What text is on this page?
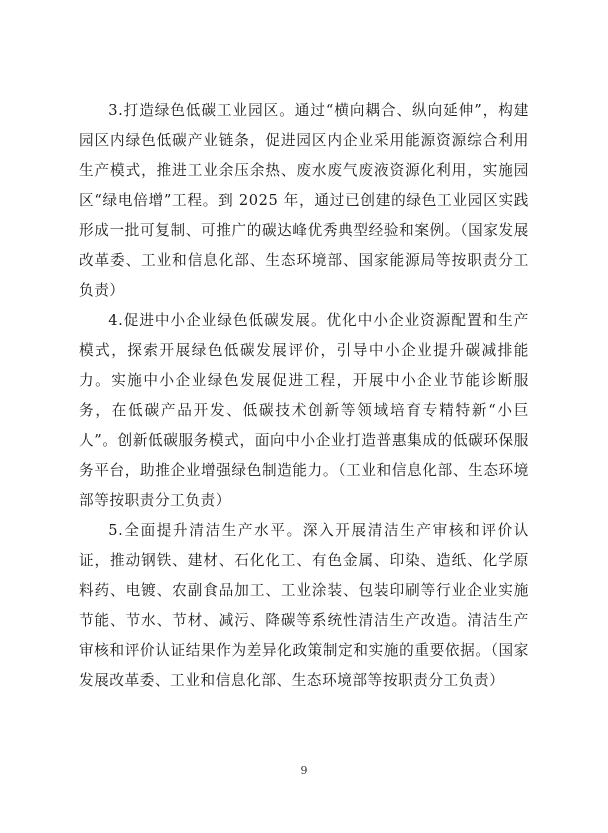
3.打造绿色低碳工业园区。通过“横向耦合、纵向延伸”，构建园区内绿色低碳产业链条，促进园区内企业采用能源资源综合利用生产模式，推进工业余压余热、废水废气废液资源化利用，实施园区“绿电倍增”工程。到 2025 年，通过已创建的绿色工业园区实践形成一批可复制、可推广的碳达峰优秀典型经验和案例。（国家发展改革委、工业和信息化部、生态环境部、国家能源局等按职责分工负责）

4.促进中小企业绿色低碳发展。优化中小企业资源配置和生产模式，探索开展绿色低碳发展评价，引导中小企业提升碳减排能力。实施中小企业绿色发展促进工程，开展中小企业节能诊断服务，在低碳产品开发、低碳技术创新等领域培育专精特新“小巨人”。创新低碳服务模式，面向中小企业打造普惠集成的低碳环保服务平台，助推企业增强绿色制造能力。（工业和信息化部、生态环境部等按职责分工负责）

5.全面提升清洁生产水平。深入开展清洁生产审核和评价认证，推动钢铁、建材、石化化工、有色金属、印染、造纸、化学原料药、电镀、农副食品加工、工业涂装、包装印刷等行业企业实施节能、节水、节材、减污、降碳等系统性清洁生产改造。清洁生产审核和评价认证结果作为差异化政策制定和实施的重要依据。（国家发展改革委、工业和信息化部、生态环境部等按职责分工负责）

9
